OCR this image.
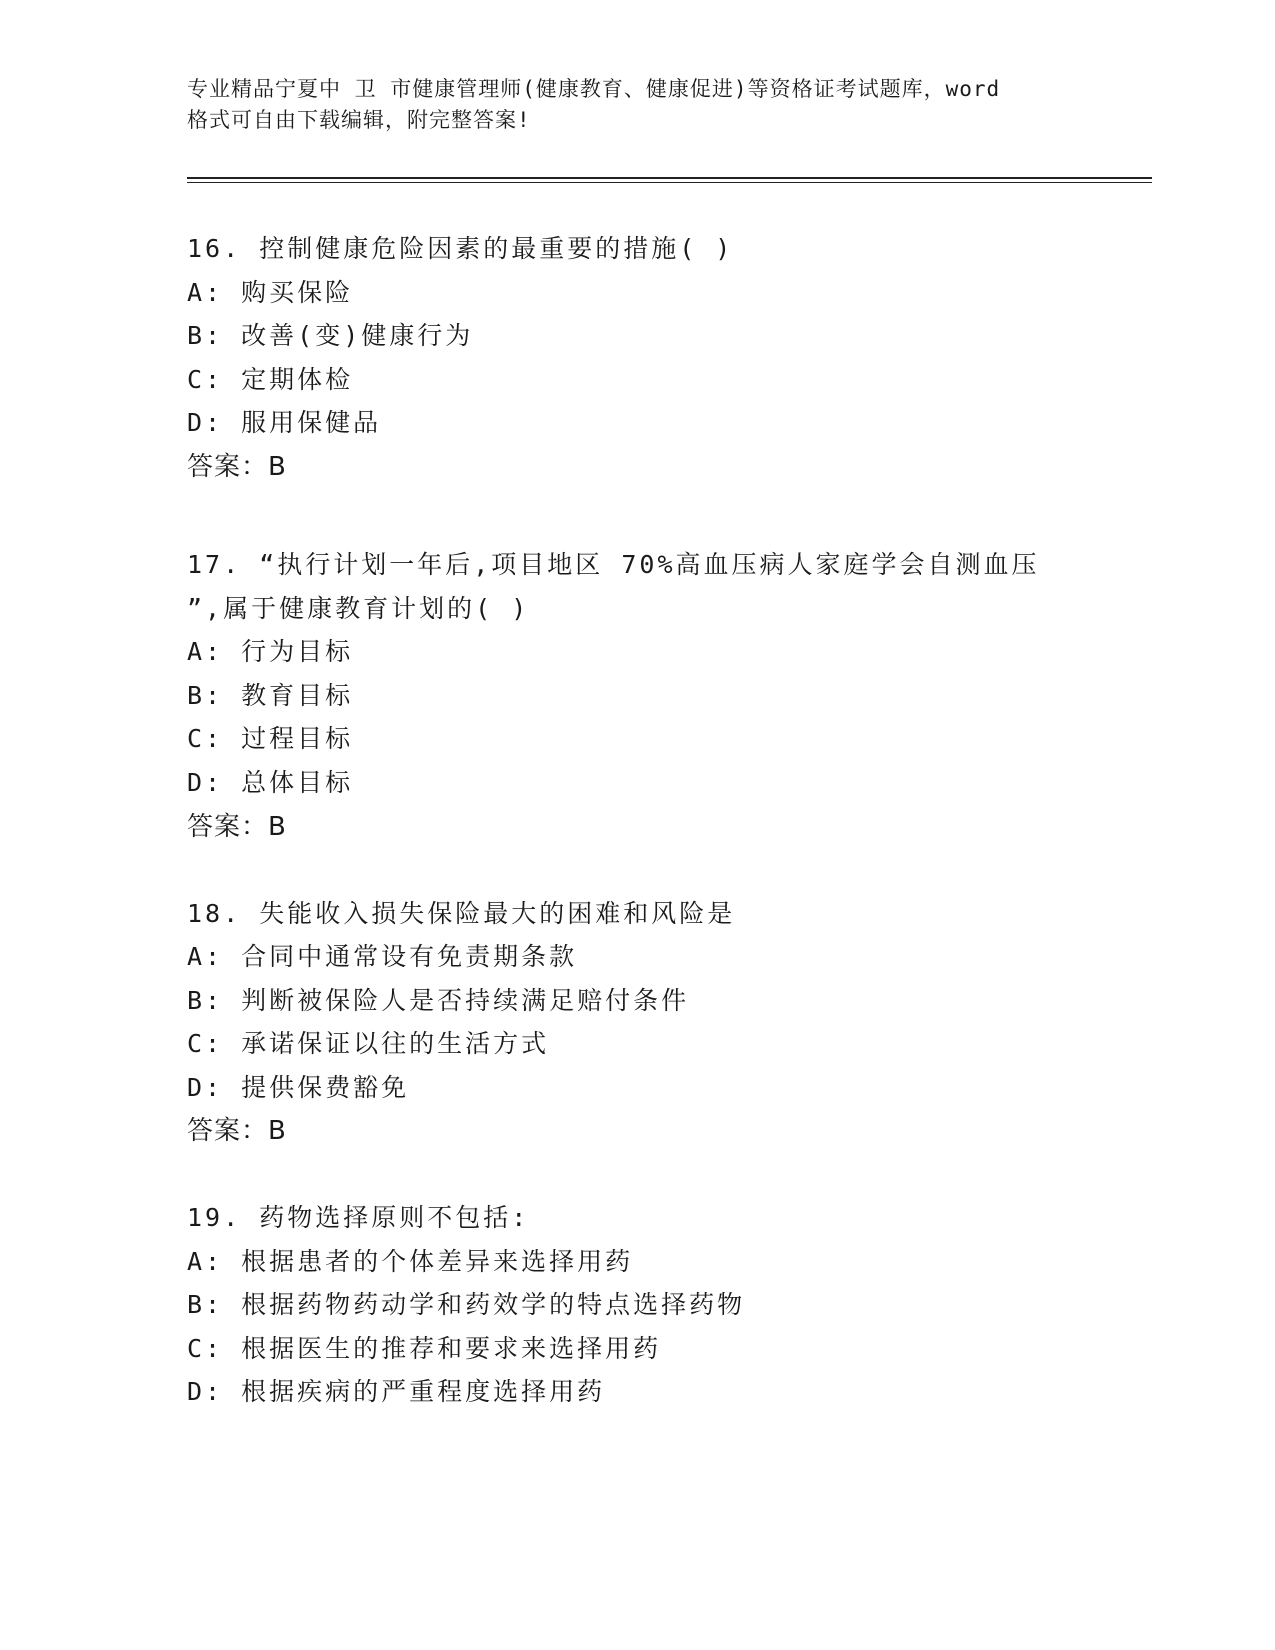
专业精品宁夏中 卫 市健康管理师(健康教育、健康促进)等资格证考试题库，word
格式可自由下载编辑，附完整答案!
16. 控制健康危险因素的最重要的措施( )
A: 购买保险
B: 改善(变)健康行为
C: 定期体检
D: 服用保健品
答案：B
17. “执行计划一年后,项目地区 70%高血压病人家庭学会自测血压
”,属于健康教育计划的( )
A: 行为目标
B: 教育目标
C: 过程目标
D: 总体目标
答案：B
18. 失能收入损失保险最大的困难和风险是
A: 合同中通常设有免责期条款
B: 判断被保险人是否持续满足赔付条件
C: 承诺保证以往的生活方式
D: 提供保费豁免
答案：B
19. 药物选择原则不包括:
A: 根据患者的个体差异来选择用药
B: 根据药物药动学和药效学的特点选择药物
C: 根据医生的推荐和要求来选择用药
D: 根据疾病的严重程度选择用药
